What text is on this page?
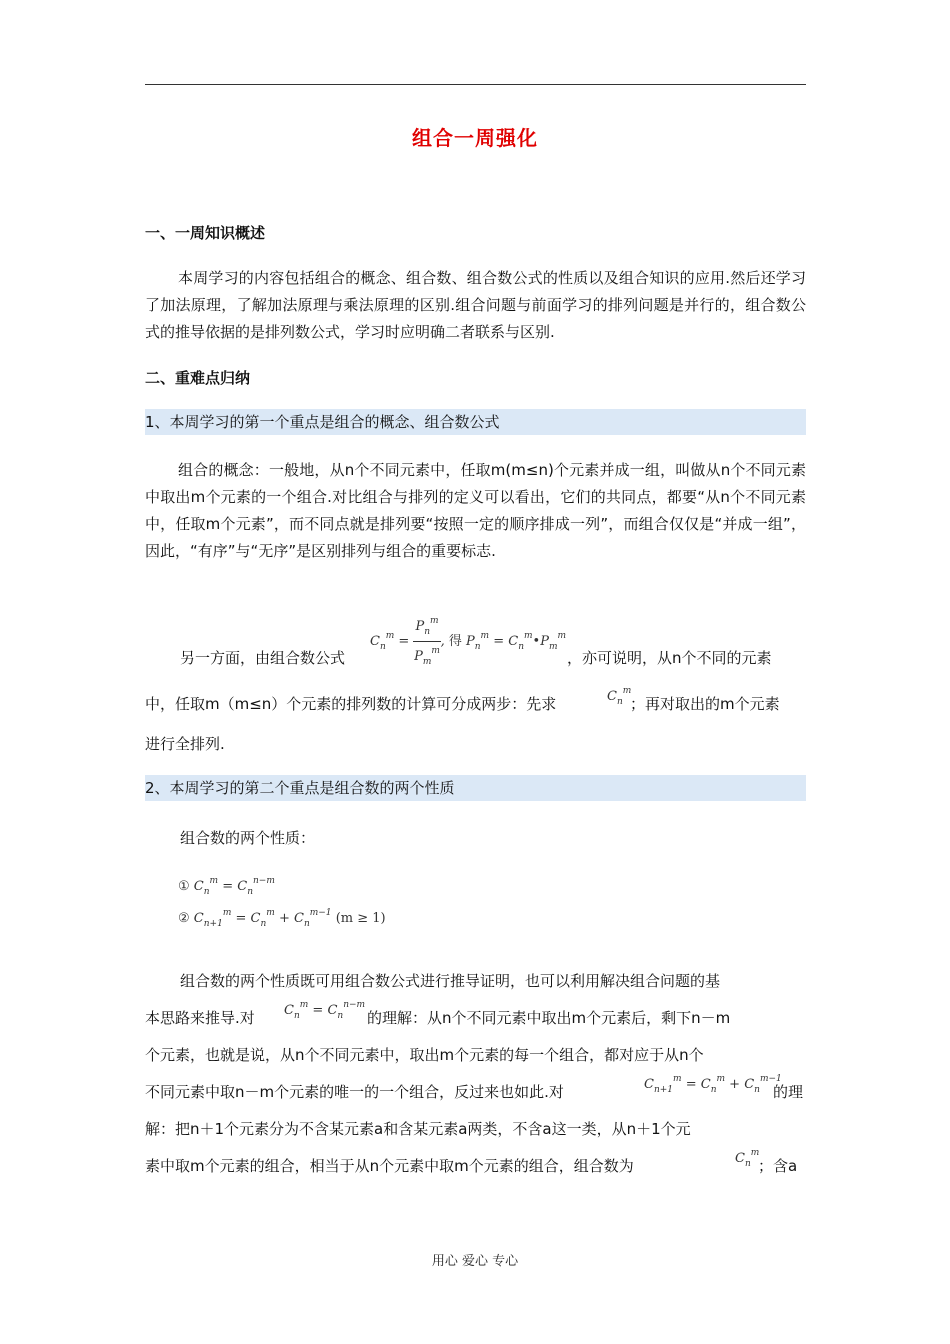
组合一周强化
一、一周知识概述
本周学习的内容包括组合的概念、组合数、组合数公式的性质以及组合知识的应用.然后还学习了加法原理，了解加法原理与乘法原理的区别.组合问题与前面学习的排列问题是并行的，组合数公式的推导依据的是排列数公式，学习时应明确二者联系与区别.
二、重难点归纳
1、本周学习的第一个重点是组合的概念、组合数公式
组合的概念：一般地，从n个不同元素中，任取m(m≤n)个元素并成一组，叫做从n个不同元素中取出m个元素的一个组合.对比组合与排列的定义可以看出，它们的共同点，都要“从n个不同元素中，任取m个元素”，而不同点就是排列要“按照一定的顺序排成一列”，而组合仅仅是“并成一组”，因此，“有序”与“无序”是区别排列与组合的重要标志.
$C_n^m = \frac{P_n^m}{P_m^m}$ , 得 $P_n^m$ = $C_n^m•P_m^m$
另一方面，由组合数公式	，亦可说明，从n个不同的元素
中，任取m（m≤n）个元素的排列数的计算可分成两步：先求	$C_n^m$
；再对取出的m个元素
进行全排列.
2、本周学习的第二个重点是组合数的两个性质
组合数的两个性质：
① $C_n^m = C_n^{n-m}$
② $C_{n+1}^m = C_n^m + C_n^{m-1}$ (m ≥ 1)
组合数的两个性质既可用组合数公式进行推导证明，也可以利用解决组合问题的基
本思路来推导.对 $C_n^m = C_n^{n-m}$
的理解：从n个不同元素中取出m个元素后，剩下n－m
个元素，也就是说，从n个不同元素中，取出m个元素的每一个组合，都对应于从n个
不同元素中取n－m个元素的唯一的一个组合，反过来也如此.对	$C_{n+1}^m = C_n^m + C_n^{m-1}$
的理
解：把n＋1个元素分为不含某元素a和含某元素a两类，不含a这一类，从n＋1个元
素中取m个元素的组合，相当于从n个元素中取m个元素的组合，组合数为	$C_n^m$
；含a
用心 爱心 专心
